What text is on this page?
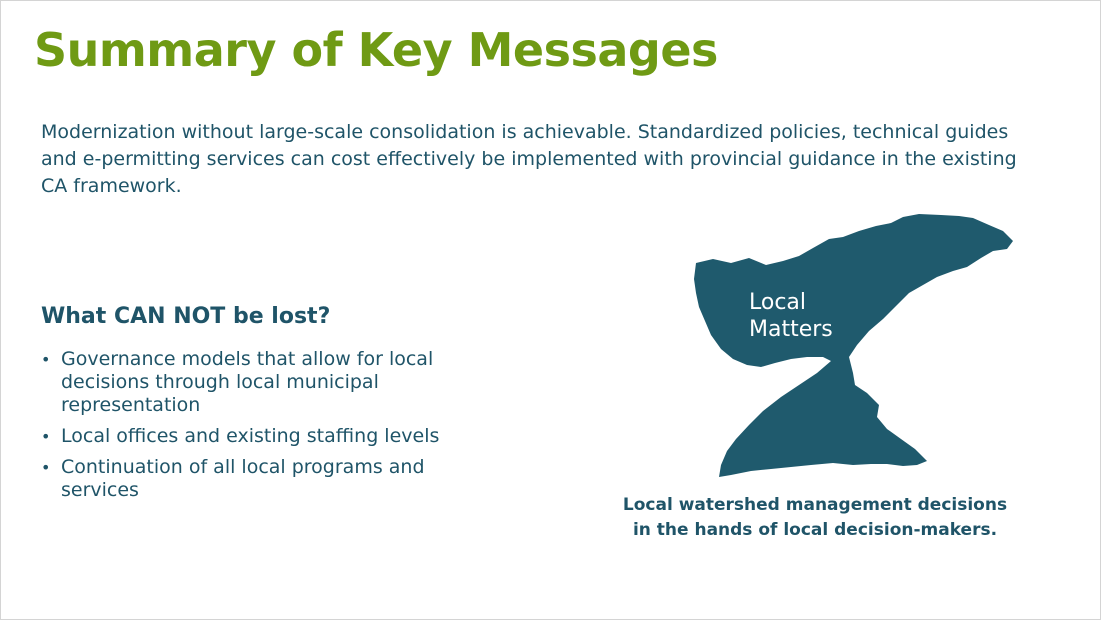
Summary of Key Messages

Modernization without large-scale consolidation is achievable. Standardized policies, technical guides and e-permitting services can cost effectively be implemented with provincial guidance in the existing CA framework.

What CAN NOT be lost?
• Governance models that allow for local decisions through local municipal representation
• Local offices and existing staffing levels
• Continuation of all local programs and services
Local
Matters
Local watershed management decisions
in the hands of local decision-makers.
